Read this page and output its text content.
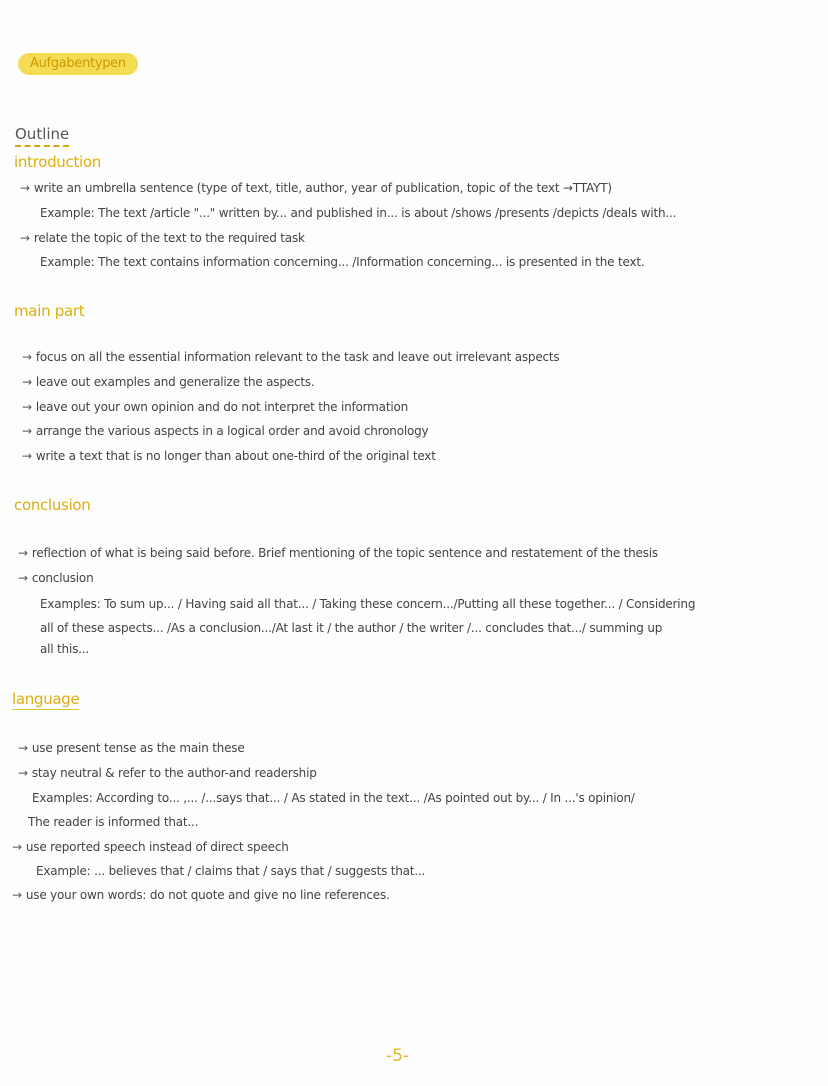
Aufgabentypen
Outline
introduction
→ write an umbrella sentence (type of text, title, author, year of publication, topic of the text →TTAYT)
Example: The text /article "..." written by... and published in... is about /shows /presents /depicts /deals with...
→ relate the topic of the text to the required task
Example: The text contains information concerning... /Information concerning... is presented in the text.
main part
→ focus on all the essential information relevant to the task and leave out irrelevant aspects
→ leave out examples and generalize the aspects.
→ leave out your own opinion and do not interpret the information
→ arrange the various aspects in a logical order and avoid chronology
→ write a text that is no longer than about one-third of the original text
conclusion
→ reflection of what is being said before. Brief mentioning of the topic sentence and restatement of the thesis
→ conclusion
Examples: To sum up... / Having said all that... / Taking these concern.../Putting all these together... / Considering
all of these aspects... /As a conclusion.../At last it / the author / the writer /... concludes that.../ summing up
all this...
language
→ use present tense as the main these
→ stay neutral & refer to the author-and readership
Examples: According to... ,... /...says that... / As stated in the text... /As pointed out by... / In ...'s opinion/
The reader is informed that...
→ use reported speech instead of direct speech
Example: ... believes that / claims that / says that / suggests that...
→ use your own words: do not quote and give no line references.
-5-
